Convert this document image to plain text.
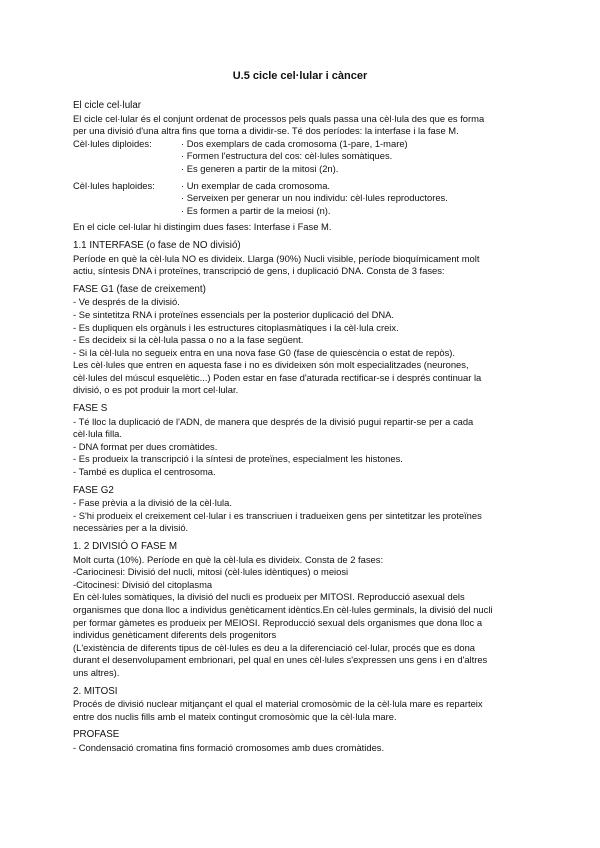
U.5 cicle cel·lular i càncer

El cicle cel·lular

El cicle cel·lular és el conjunt ordenat de processos pels quals passa una cèl·lula des que es forma

per una divisió d'una altra fins que torna a dividir-se. Té dos períodes: la interfase i la fase M.

Cèl·lules diploides:	· Dos exemplars de cada cromosoma (1-pare, 1-mare)

· Formen l'estructura del cos: cèl·lules somàtiques.

· Es generen a partir de la mitosi (2n).

Cèl·lules haploides:	· Un exemplar de cada cromosoma.

· Serveixen per generar un nou individu: cèl·lules reproductores.

· Es formen a partir de la meiosi (n).

En el cicle cel·lular hi distingim dues fases: Interfase i Fase M.

1.1 INTERFASE (o fase de NO divisió)

Període en què la cèl·lula NO es divideix. Llarga (90%) Nucli visible, període bioquímicament molt

actiu, síntesis DNA i proteïnes, transcripció de gens, i duplicació DNA. Consta de 3 fases:

FASE G1 (fase de creixement)

- Ve després de la divisió.

- Se sintetitza RNA i proteïnes essencials per la posterior duplicació del DNA.

- Es dupliquen els orgànuls i les estructures citoplasmàtiques i la cèl·lula creix.

- Es decideix si la cèl·lula passa o no a la fase següent.

- Si la cèl·lula no segueix entra en una nova fase G0 (fase de quiescència o estat de repòs).

Les cèl·lules que entren en aquesta fase i no es divideixen són molt especialitzades (neurones,

cèl·lules del múscul esquelètic...) Poden estar en fase d'aturada rectificar-se i després continuar la

divisió, o es pot produir la mort cel·lular.

FASE S

- Té lloc la duplicació de l'ADN, de manera que després de la divisió pugui repartir-se per a cada

cèl·lula filla.

- DNA format per dues cromàtides.

- Es produeix la transcripció i la síntesi de proteïnes, especialment les histones.

- També es duplica el centrosoma.

FASE G2

- Fase prèvia a la divisió de la cèl·lula.

- S'hi produeix el creixement cel·lular i es transcriuen i tradueixen gens per sintetitzar les proteïnes

necessàries per a la divisió.

1. 2 DIVISIÓ O FASE M

Molt curta (10%). Període en què la cèl·lula es divideix. Consta de 2 fases:

-Cariocinesi: Divisió del nucli, mitosi (cèl·lules idèntiques) o meiosi

-Citocinesi: Divisió del citoplasma

En cèl·lules somàtiques, la divisió del nucli es produeix per MITOSI. Reproducció asexual dels

organismes que dona lloc a individus genèticament idèntics.En cèl·lules germinals, la divisió del nucli

per formar gàmetes es produeix per MEIOSI. Reproducció sexual dels organismes que dona lloc a

individus genèticament diferents dels progenitors

(L'existència de diferents tipus de cèl·lules es deu a la diferenciació cel·lular, procés que es dona

durant el desenvolupament embrionari, pel qual en unes cèl·lules s'expressen uns gens i en d'altres

uns altres).

2. MITOSI

Procés de divisió nuclear mitjançant el qual el material cromosòmic de la cèl·lula mare es reparteix

entre dos nuclis fills amb el mateix contingut cromosòmic que la cèl·lula mare.

PROFASE

- Condensació cromatina fins formació cromosomes amb dues cromàtides.
